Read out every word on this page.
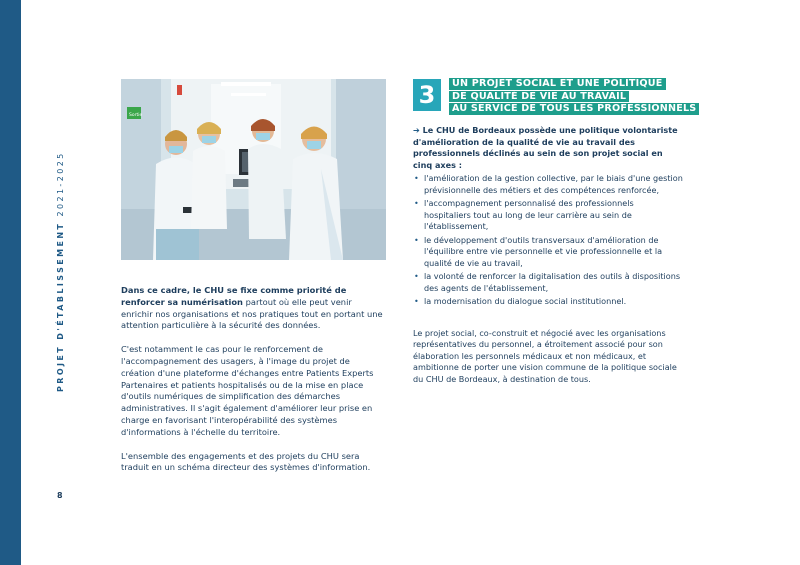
PROJET D'ÉTABLISSEMENT 2021-2025
8
Sortie

Dans ce cadre, le CHU se fixe comme priorité de renforcer sa numérisation partout où elle peut venir enrichir nos organisations et nos pratiques tout en portant une attention particulière à la sécurité des données.

C'est notamment le cas pour le renforcement de l'accompagnement des usagers, à l'image du projet de création d'une plateforme d'échanges entre Patients Experts Partenaires et patients hospitalisés ou de la mise en place d'outils numériques de simplification des démarches administratives. Il s'agit également d'améliorer leur prise en charge en favorisant l'interopérabilité des systèmes d'informations à l'échelle du territoire.

L'ensemble des engagements et des projets du CHU sera traduit en un schéma directeur des systèmes d'information.

3	UN PROJET SOCIAL ET UNE POLITIQUE
DE QUALITÉ DE VIE AU TRAVAIL
AU SERVICE DE TOUS LES PROFESSIONNELS

➔ Le CHU de Bordeaux possède une politique volontariste d'amélioration de la qualité de vie au travail des professionnels déclinés au sein de son projet social en cinq axes :

• l'amélioration de la gestion collective, par le biais d'une gestion prévisionnelle des métiers et des compétences renforcée,
• l'accompagnement personnalisé des professionnels hospitaliers tout au long de leur carrière au sein de l'établissement,
• le développement d'outils transversaux d'amélioration de l'équilibre entre vie personnelle et vie professionnelle et la qualité de vie au travail,
• la volonté de renforcer la digitalisation des outils à dispositions des agents de l'établissement,
• la modernisation du dialogue social institutionnel.

Le projet social, co-construit et négocié avec les organisations représentatives du personnel, a étroitement associé pour son élaboration les personnels médicaux et non médicaux, et ambitionne de porter une vision commune de la politique sociale du CHU de Bordeaux, à destination de tous.
